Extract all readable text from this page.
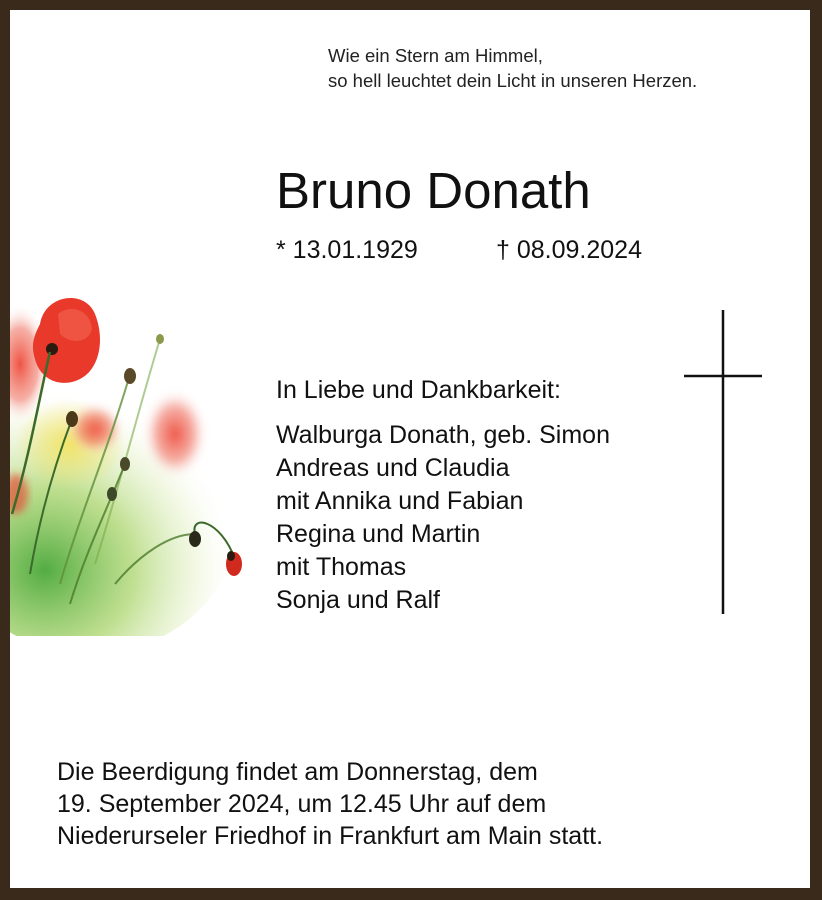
Wie ein Stern am Himmel,
so hell leuchtet dein Licht in unseren Herzen.
Bruno Donath
* 13.01.1929	† 08.09.2024
In Liebe und Dankbarkeit:
Walburga Donath, geb. Simon
Andreas und Claudia
mit Annika und Fabian
Regina und Martin
mit Thomas
Sonja und Ralf
Die Beerdigung findet am Donnerstag, dem
19. September 2024, um 12.45 Uhr auf dem
Niederurseler Friedhof in Frankfurt am Main statt.
